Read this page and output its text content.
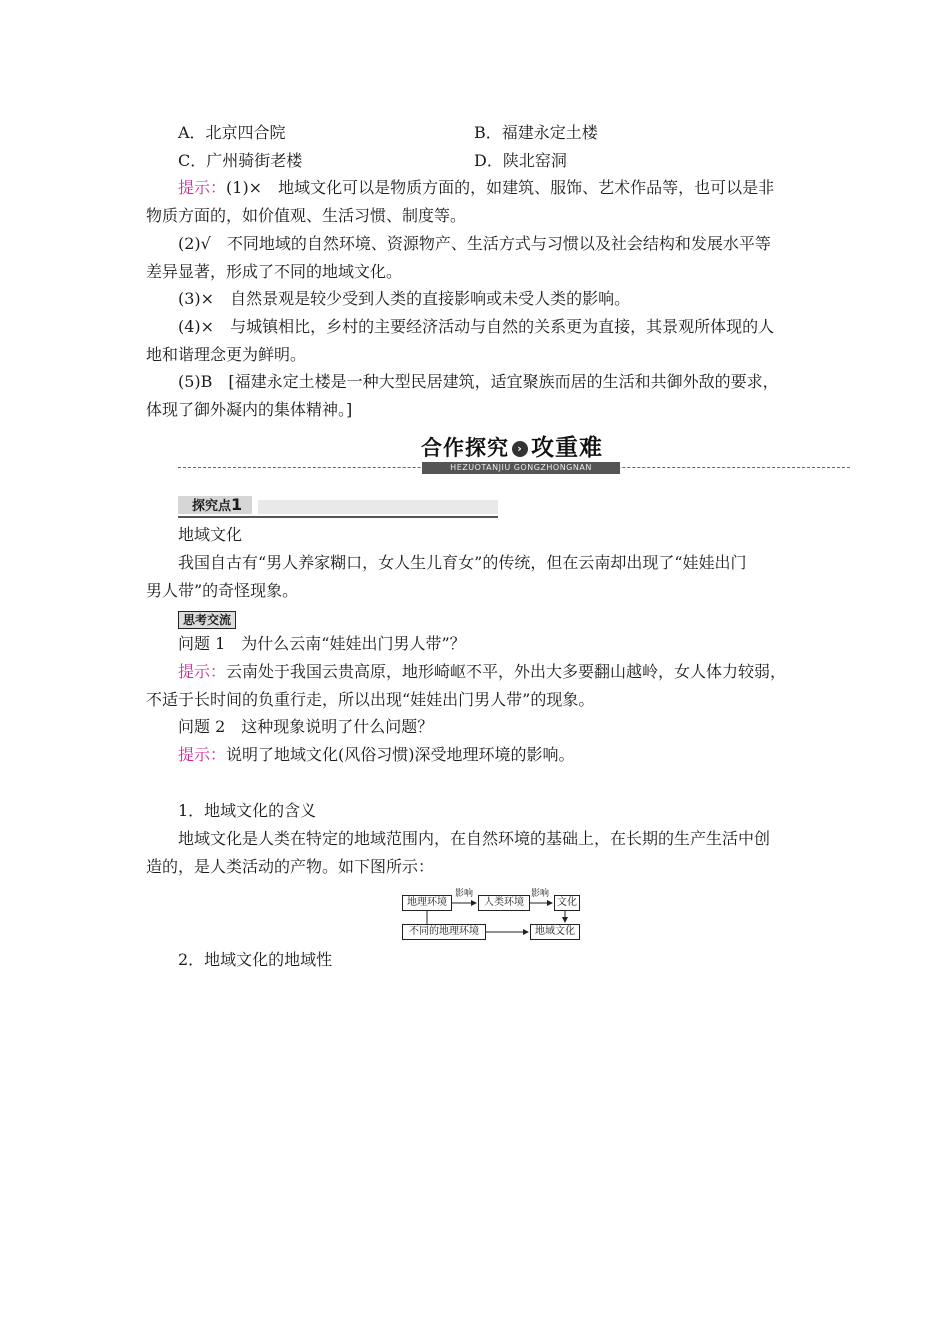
A．北京四合院	B．福建永定土楼
C．广州骑街老楼	D．陕北窑洞
提示：(1)×　地域文化可以是物质方面的，如建筑、服饰、艺术作品等，也可以是非
物质方面的，如价值观、生活习惯、制度等。
(2)√　不同地域的自然环境、资源物产、生活方式与习惯以及社会结构和发展水平等
差异显著，形成了不同的地域文化。
(3)×　自然景观是较少受到人类的直接影响或未受人类的影响。
(4)×　与城镇相比，乡村的主要经济活动与自然的关系更为直接，其景观所体现的人
地和谐理念更为鲜明。
(5)B　[福建永定土楼是一种大型民居建筑，适宜聚族而居的生活和共御外敌的要求，
体现了御外凝内的集体精神。]
合作探究 › 攻重难
HEZUOTANJIU GONGZHONGNAN
探究点1
地域文化
我国自古有“男人养家糊口，女人生儿育女”的传统，但在云南却出现了“娃娃出门
男人带”的奇怪现象。
思考交流
问题 1　为什么云南“娃娃出门男人带”？
提示：云南处于我国云贵高原，地形崎岖不平，外出大多要翻山越岭，女人体力较弱，
不适于长时间的负重行走，所以出现“娃娃出门男人带”的现象。
问题 2　这种现象说明了什么问题？
提示：说明了地域文化(风俗习惯)深受地理环境的影响。
1．地域文化的含义
地域文化是人类在特定的地域范围内，在自然环境的基础上，在长期的生产生活中创
造的，是人类活动的产物。如下图所示：
地理环境
影响
人类环境
影响
文化
不同的地理环境	地域文化
2．地域文化的地域性
